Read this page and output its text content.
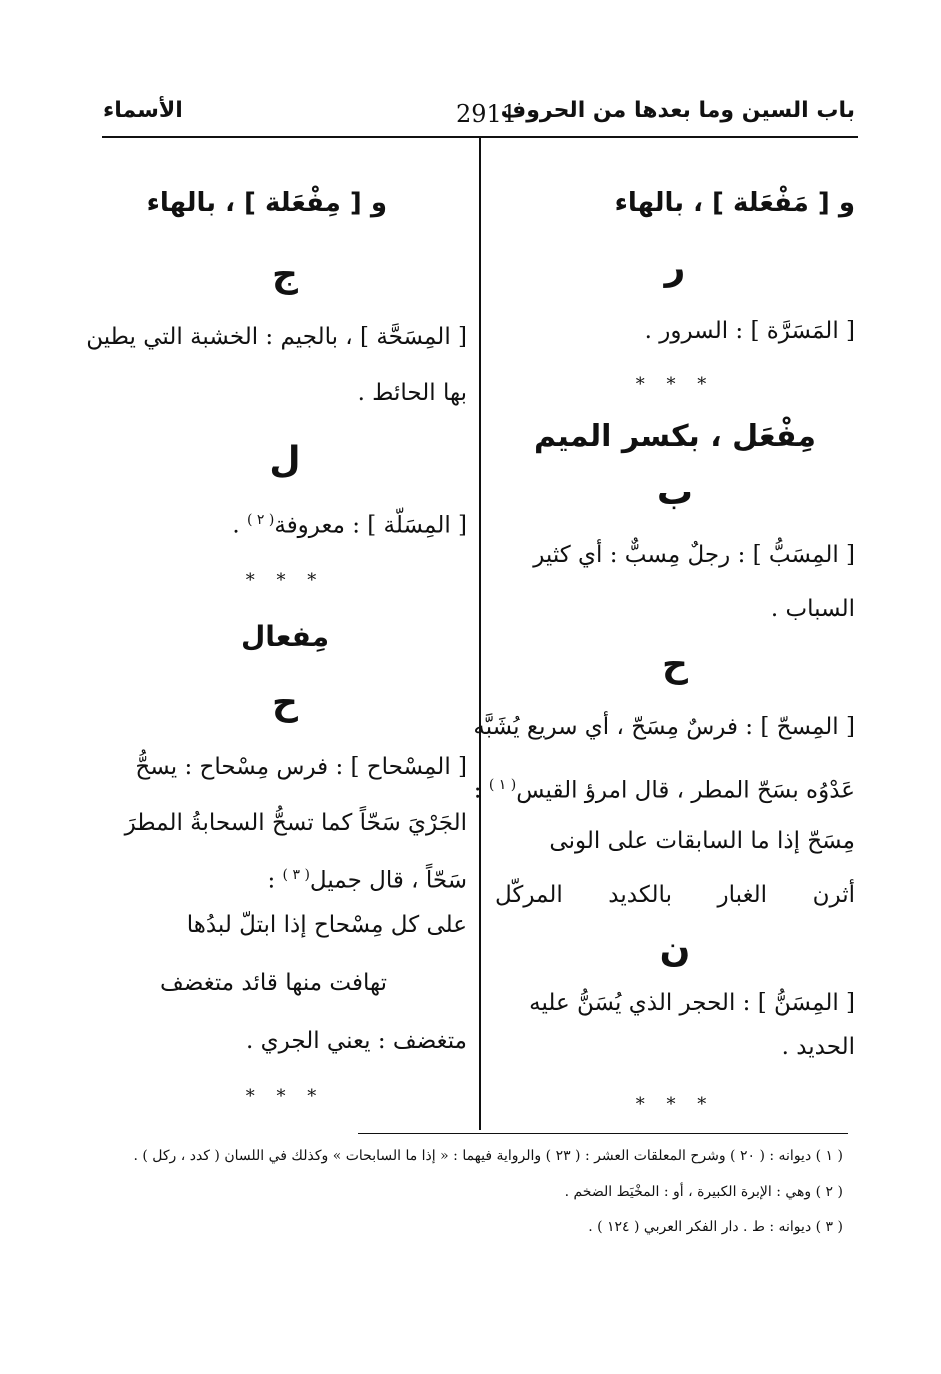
باب السين وما بعدها من الحروف
2911
الأسماء
و [ مَفْعَلة ] ، بالهاء
ر
[ المَسَرَّة ] : السرور .
* * *
مِفْعَل ، بكسر الميم
ب
[ المِسَبُّ ] : رجلٌ مِسبٌّ : أي كثير
السباب .
ح
[ المِسحّ ] : فرسٌ مِسَحّ ، أي سريع يُشَبَّه
عَدْوُه بسَحّ المطر ، قال امرؤ القيس$^{( ١ )}$ :
مِسَحّ إذا ما السابقات على الونى
أثرن الغبار بالكديد المركّل
ن
[ المِسَنُّ ] : الحجر الذي يُسَنُّ عليه
الحديد .
* * *
و [ مِفْعَلة ] ، بالهاء
ج
[ المِسَحَّة ] ، بالجيم : الخشبة التي يطين
بها الحائط .
ل
[ المِسَلّة ] : معروفة$^{( ٢ )}$ .
* * *
مِفعال
ح
[ المِسْحاح ] : فرس مِسْحاح : يسحُّ
الجَرْيَ سَحّاً كما تسحُّ السحابةُ المطرَ
سَحّاً ، قال جميل$^{( ٣ )}$ :
على كل مِسْحاح إذا ابتلّ لبدُها
تهافت منها قائد متغضف
متغضف : يعني الجري .
* * *
( ١ ) ديوانه : ( ٢٠ ) وشرح المعلقات العشر : ( ٢٣ ) والرواية فيهما : « إذا ما السابحات » وكذلك في اللسان ( كدد ، ركل ) .
( ٢ ) وهي : الإبرة الكبيرة ، أو : المخْيَط الضخم .
( ٣ ) ديوانه : ط . دار الفكر العربي ( ١٢٤ ) .
